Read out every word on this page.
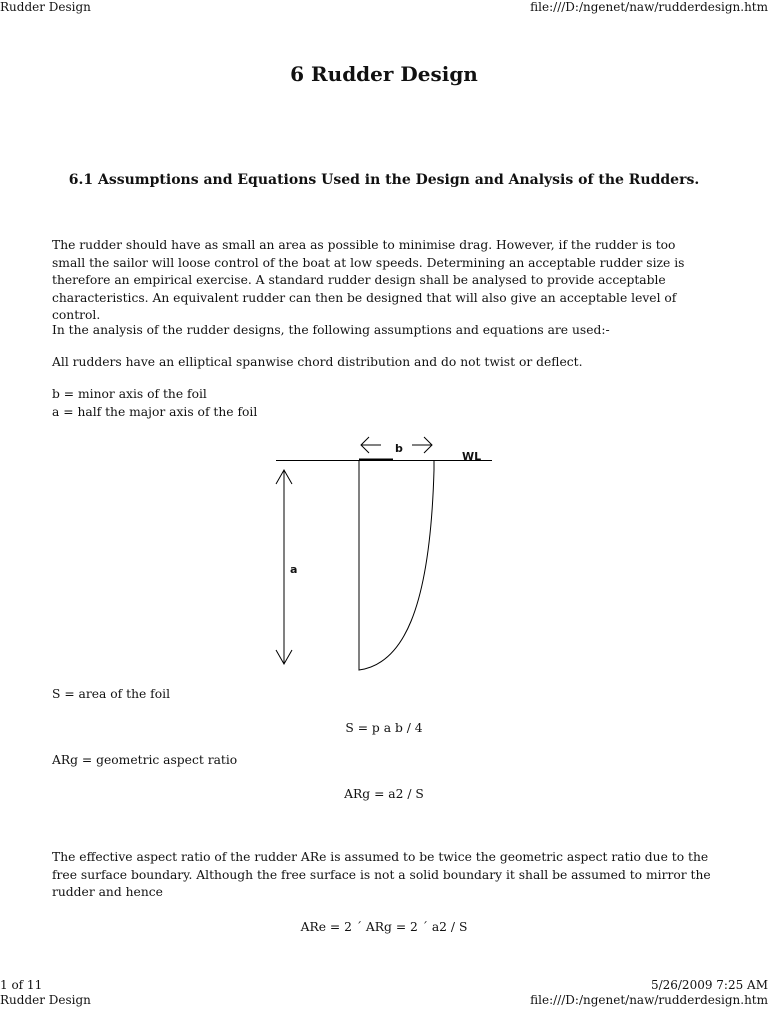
Rudder Design	file:///D:/ngenet/naw/rudderdesign.htm
6 Rudder Design
6.1 Assumptions and Equations Used in the Design and Analysis of the Rudders.

The rudder should have as small an area as possible to minimise drag. However, if the rudder is too small the sailor will loose control of the boat at low speeds. Determining an acceptable rudder size is therefore an empirical exercise. A standard rudder design shall be analysed to provide acceptable characteristics. An equivalent rudder can then be designed that will also give an acceptable level of control.

In the analysis of the rudder designs, the following assumptions and equations are used:-

All rudders have an elliptical spanwise chord distribution and do not twist or deflect.

b = minor axis of the foil

a = half the major axis of the foil

WL
b
a

S = area of the foil

S = p a b / 4

ARg = geometric aspect ratio

ARg = a2 / S

The effective aspect ratio of the rudder ARe is assumed to be twice the geometric aspect ratio due to the free surface boundary. Although the free surface is not a solid boundary it shall be assumed to mirror the rudder and hence

ARe = 2 ´ ARg = 2 ´ a2 / S
1 of 11	5/26/2009 7:25 AM
Rudder Design	file:///D:/ngenet/naw/rudderdesign.htm
